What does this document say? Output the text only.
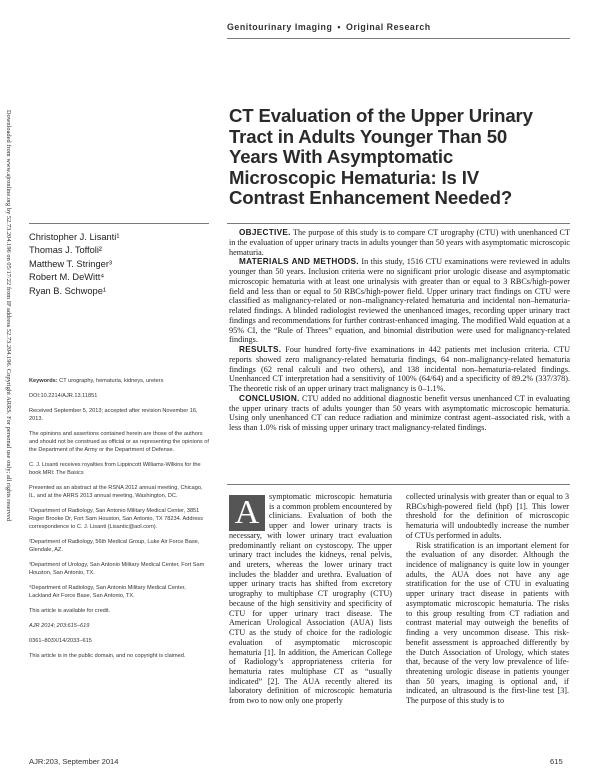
Downloaded from www.ajronline.org by 52.73.204.196 on 05/17/22 from IP address 52.73.204.196. Copyright ARRS. For personal use only; all rights reserved
Genitourinary Imaging • Original Research
CT Evaluation of the Upper Urinary Tract in Adults Younger Than 50 Years With Asymptomatic Microscopic Hematuria: Is IV Contrast Enhancement Needed?
Christopher J. Lisanti¹
Thomas J. Toffoli²
Matthew T. Stringer³
Robert M. DeWitt⁴
Ryan B. Schwope¹

Keywords: CT urography, hematuria, kidneys, ureters

DOI:10.2214/AJR.13.11851

Received September 5, 2013; accepted after revision November 16, 2013.

The opinions and assertions contained herein are those of the authors and should not be construed as official or as representing the opinions of the Department of the Army or the Department of Defense.

C. J. Lisanti receives royalties from Lippincott Williams-Wilkins for the book MRI: The Basics

Presented as an abstract at the RSNA 2012 annual meeting, Chicago, IL, and at the ARRS 2013 annual meeting, Washington, DC.

¹Department of Radiology, San Antonio Military Medical Center, 3851 Roger Brooke Dr, Fort Sam Houston, San Antonio, TX 78234. Address correspondence to C. J. Lisanti (Lisantic@aol.com).

²Department of Radiology, 56th Medical Group, Luke Air Force Base, Glendale, AZ.

³Department of Urology, San Antonio Military Medical Center, Fort Sam Houston, San Antonio, TX.

⁴Department of Radiology, San Antonio Military Medical Center, Lackland Air Force Base, San Antonio, TX.

This article is available for credit.

AJR 2014; 203:615–619

0361–803X/14/2033–615

This article is in the public domain, and no copyright is claimed.

OBJECTIVE. The purpose of this study is to compare CT urography (CTU) with unenhanced CT in the evaluation of upper urinary tracts in adults younger than 50 years with asymptomatic microscopic hematuria.

MATERIALS AND METHODS. In this study, 1516 CTU examinations were reviewed in adults younger than 50 years. Inclusion criteria were no significant prior urologic disease and asymptomatic microscopic hematuria with at least one urinalysis with greater than or equal to 3 RBCs/high-power field and less than or equal to 50 RBCs/high-power field. Upper urinary tract findings on CTU were classified as malignancy-related or non–malignancy-related hematuria and incidental non–hematuria-related findings. A blinded radiologist reviewed the unenhanced images, recording upper urinary tract findings and recommendations for further contrast-enhanced imaging. The modified Wald equation at a 95% CI, the “Rule of Threes” equation, and binomial distribution were used for malignancy-related findings.

RESULTS. Four hundred forty-five examinations in 442 patients met inclusion criteria. CTU reports showed zero malignancy-related hematuria findings, 64 non–malignancy-related hematuria findings (62 renal calculi and two others), and 138 incidental non–hematuria-related findings. Unenhanced CT interpretation had a sensitivity of 100% (64/64) and a specificity of 89.2% (337/378). The theoretic risk of an upper urinary tract malignancy is 0–1.1%.

CONCLUSION. CTU added no additional diagnostic benefit versus unenhanced CT in evaluating the upper urinary tracts of adults younger than 50 years with asymptomatic microscopic hematuria. Using only unenhanced CT can reduce radiation and minimize contrast agent–associated risk, with a less than 1.0% risk of missing upper urinary tract malignancy-related findings.

A	symptomatic microscopic hematuria is a common problem encountered by clinicians. Evaluation of both the upper and lower urinary tracts is necessary, with lower urinary tract evaluation predominantly reliant on cystoscopy. The upper urinary tract includes the kidneys, renal pelvis, and ureters, whereas the lower urinary tract includes the bladder and urethra. Evaluation of upper urinary tracts has shifted from excretory urography to multiphase CT urography (CTU) because of the high sensitivity and specificity of CTU for upper urinary tract disease. The American Urological Association (AUA) lists CTU as the study of choice for the radiologic evaluation of asymptomatic microscopic hematuria [1]. In addition, the American College of Radiology’s appropriateness criteria for hematuria rates multiphase CT as “usually indicated” [2]. The AUA recently altered its laboratory definition of microscopic hematuria from two to now only one properly

collected urinalysis with greater than or equal to 3 RBCs/high-powered field (hpf) [1]. This lower threshold for the definition of microscopic hematuria will undoubtedly increase the number of CTUs performed in adults.

Risk stratification is an important element for the evaluation of any disorder. Although the incidence of malignancy is quite low in younger adults, the AUA does not have any age stratification for the use of CTU in evaluating upper urinary tract disease in patients with asymptomatic microscopic hematuria. The risks to this group resulting from CT radiation and contrast material may outweigh the benefits of finding a very uncommon disease. This risk-benefit assessment is approached differently by the Dutch Association of Urology, which states that, because of the very low prevalence of life-threatening urologic disease in patients younger than 50 years, imaging is optional and, if indicated, an ultrasound is the first-line test [3]. The purpose of this study is to

AJR:203, September 2014	615
